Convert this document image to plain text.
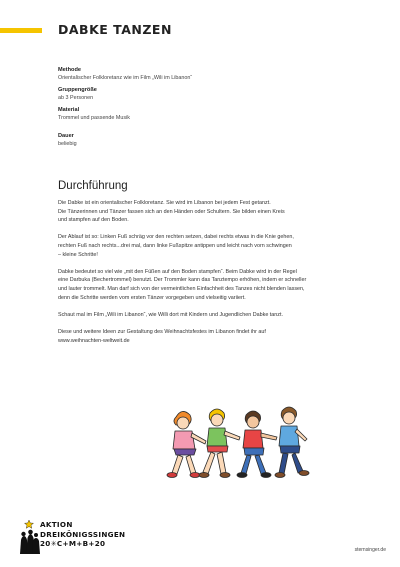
DABKE TANZEN
Methode
Orientalischer Folkloretanz wie im Film „Wili im Libanon“
Gruppengröße
ab 3 Personen
Material
Trommel und passende Musik
Dauer
beliebig
Durchführung

Die Dabke ist ein orientalischer Folkloretanz. Sie wird im Libanon bei jedem Fest getanzt.
Die Tänzerinnen und Tänzer fassen sich an den Händen oder Schultern. Sie bilden einen Kreis
und stampfen auf den Boden.

Der Ablauf ist so: Linken Fuß schräg vor den rechten setzen, dabei rechts etwas in die Knie gehen,
rechten Fuß nach rechts...drei mal, dann linke Fußspitze antippen und leicht nach vorn schwingen
– kleine Schritte!

Dabke bedeutet so viel wie „mit den Füßen auf den Boden stampfen“. Beim Dabke wird in der Regel
eine Darbuka (Bechertrommel) benutzt. Der Trommler kann das Tanztempo erhöhen, indem er schneller
und lauter trommelt. Man darf sich von der vermeintlichen Einfachheit des Tanzes nicht blenden lassen,
denn die Schritte werden vom ersten Tänzer vorgegeben und vielseitig variiert.

Schaut mal im Film „Wili im Libanon“, wie Willi dort mit Kindern und Jugendlichen Dabke tanzt.

Diese und weitere Ideen zur Gestaltung des Weihnachtsfestes im Libanon findet ihr auf
www.weihnachten-weltweit.de

AKTION
DREIKÖNIGSSINGEN
20✳C+M+B+20
sternsinger.de
